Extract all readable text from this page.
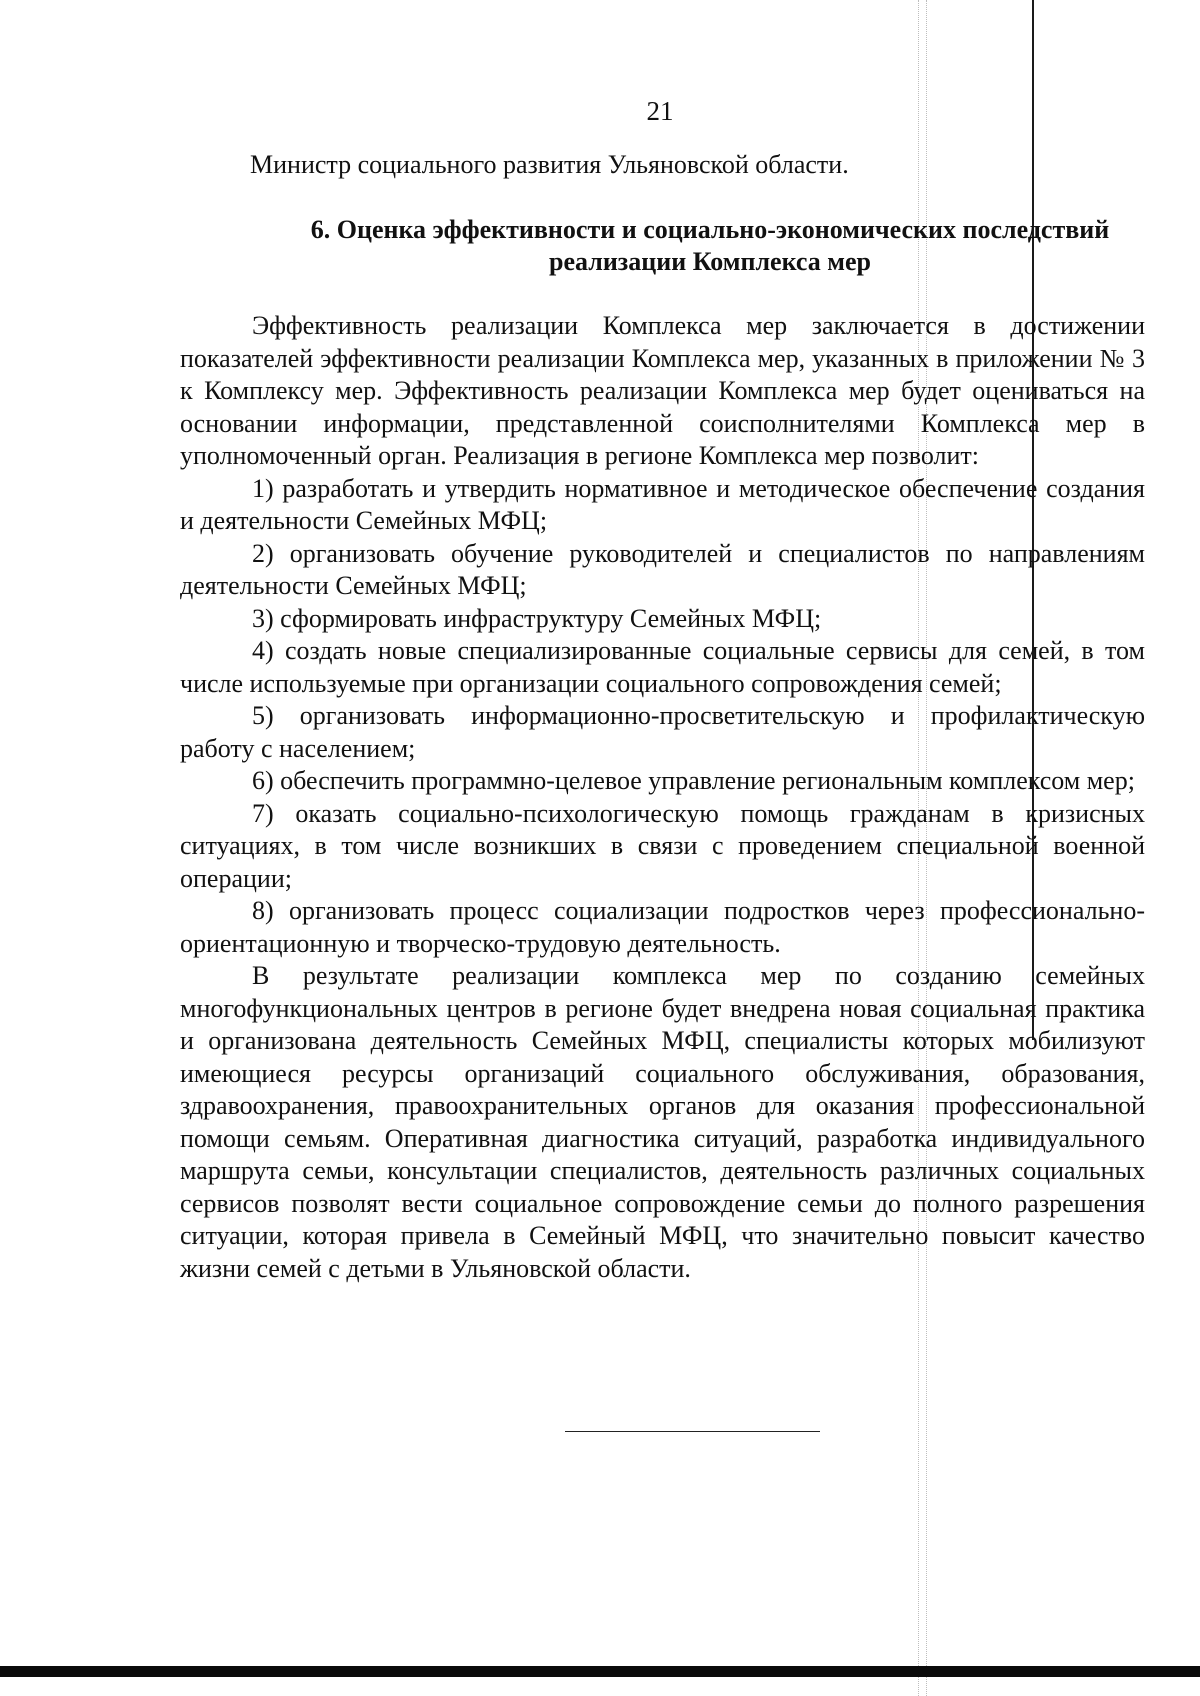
21
Министр социального развития Ульяновской области.
6. Оценка эффективности и социально-экономических последствий
реализации Комплекса мер

Эффективность реализации Комплекса мер заключается в достижении показателей эффективности реализации Комплекса мер, указанных в приложении № 3 к Комплексу мер. Эффективность реализации Комплекса мер будет оцениваться на основании информации, представленной соисполнителями Комплекса мер в уполномоченный орган. Реализация в регионе Комплекса мер позволит:

1) разработать и утвердить нормативное и методическое обеспечение создания и деятельности Семейных МФЦ;

2) организовать обучение руководителей и специалистов по направлениям деятельности Семейных МФЦ;

3) сформировать инфраструктуру Семейных МФЦ;

4) создать новые специализированные социальные сервисы для семей, в том числе используемые при организации социального сопровождения семей;

5) организовать информационно-просветительскую и профилактическую работу с населением;

6) обеспечить программно-целевое управление региональным комплексом мер;

7) оказать социально-психологическую помощь гражданам в кризисных ситуациях, в том числе возникших в связи с проведением специальной военной операции;

8) организовать процесс социализации подростков через профессионально-ориентационную и творческо-трудовую деятельность.

В результате реализации комплекса мер по созданию семейных многофункциональных центров в регионе будет внедрена новая социальная практика и организована деятельность Семейных МФЦ, специалисты которых мобилизуют имеющиеся ресурсы организаций социального обслуживания, образования, здравоохранения, правоохранительных органов для оказания профессиональной помощи семьям. Оперативная диагностика ситуаций, разработка индивидуального маршрута семьи, консультации специалистов, деятельность различных социальных сервисов позволят вести социальное сопровождение семьи до полного разрешения ситуации, которая привела в Семейный МФЦ, что значительно повысит качество жизни семей с детьми в Ульяновской области.
